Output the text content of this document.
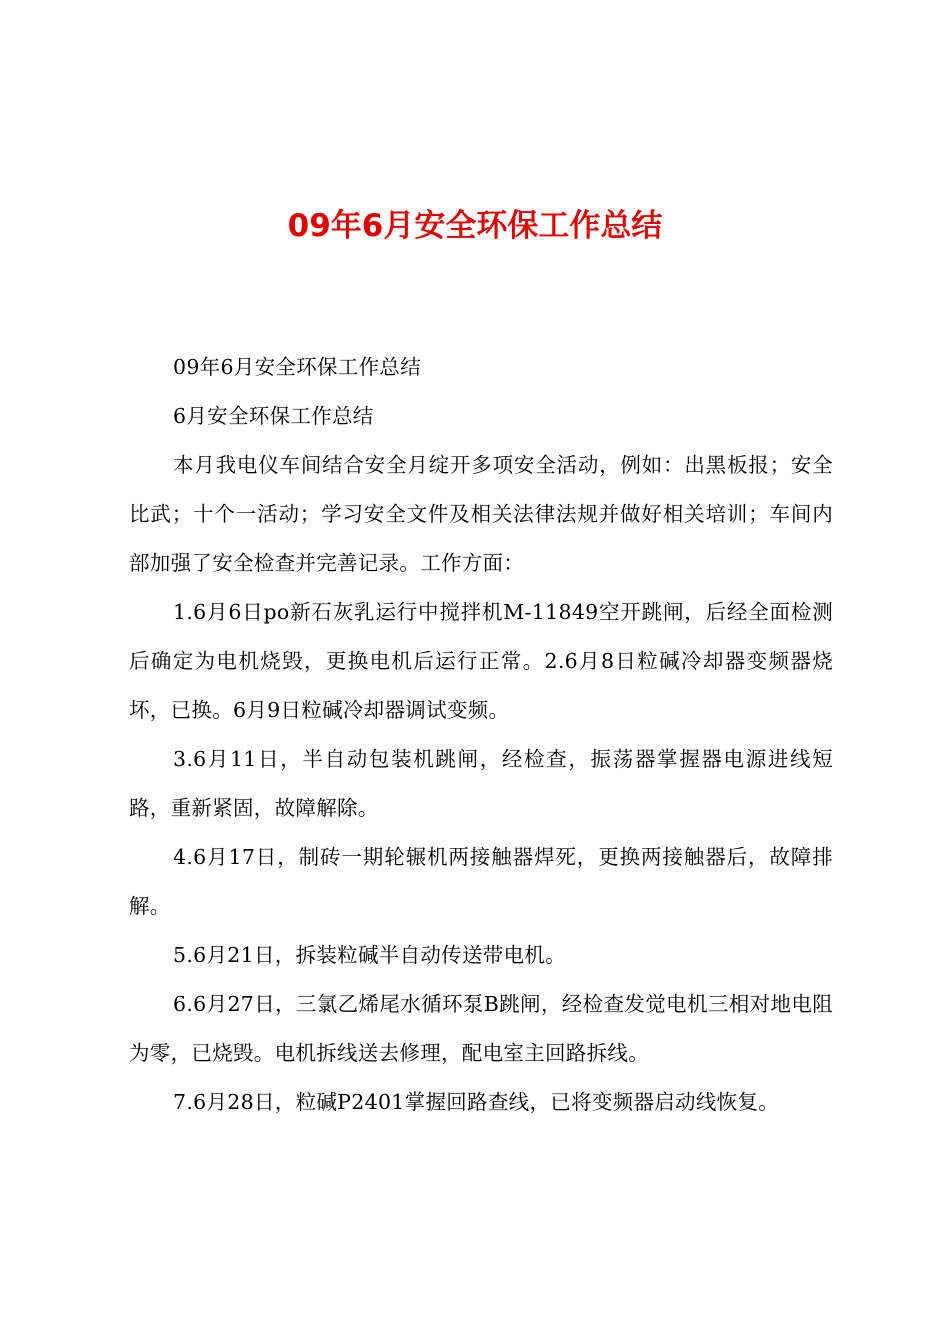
09年6月安全环保工作总结

09年6月安全环保工作总结

6月安全环保工作总结

本月我电仪车间结合安全月绽开多项安全活动，例如：出黑板报；安全比武；十个一活动；学习安全文件及相关法律法规并做好相关培训；车间内部加强了安全检查并完善记录。工作方面：

1.6月6日po新石灰乳运行中搅拌机M-11849空开跳闸，后经全面检测后确定为电机烧毁，更换电机后运行正常。2.6月8日粒碱冷却器变频器烧坏，已换。6月9日粒碱冷却器调试变频。

3.6月11日，半自动包装机跳闸，经检查，振荡器掌握器电源进线短路，重新紧固，故障解除。

4.6月17日，制砖一期轮辗机两接触器焊死，更换两接触器后，故障排解。

5.6月21日，拆装粒碱半自动传送带电机。

6.6月27日，三氯乙烯尾水循环泵B跳闸，经检查发觉电机三相对地电阻为零，已烧毁。电机拆线送去修理，配电室主回路拆线。

7.6月28日，粒碱P2401掌握回路查线，已将变频器启动线恢复。
